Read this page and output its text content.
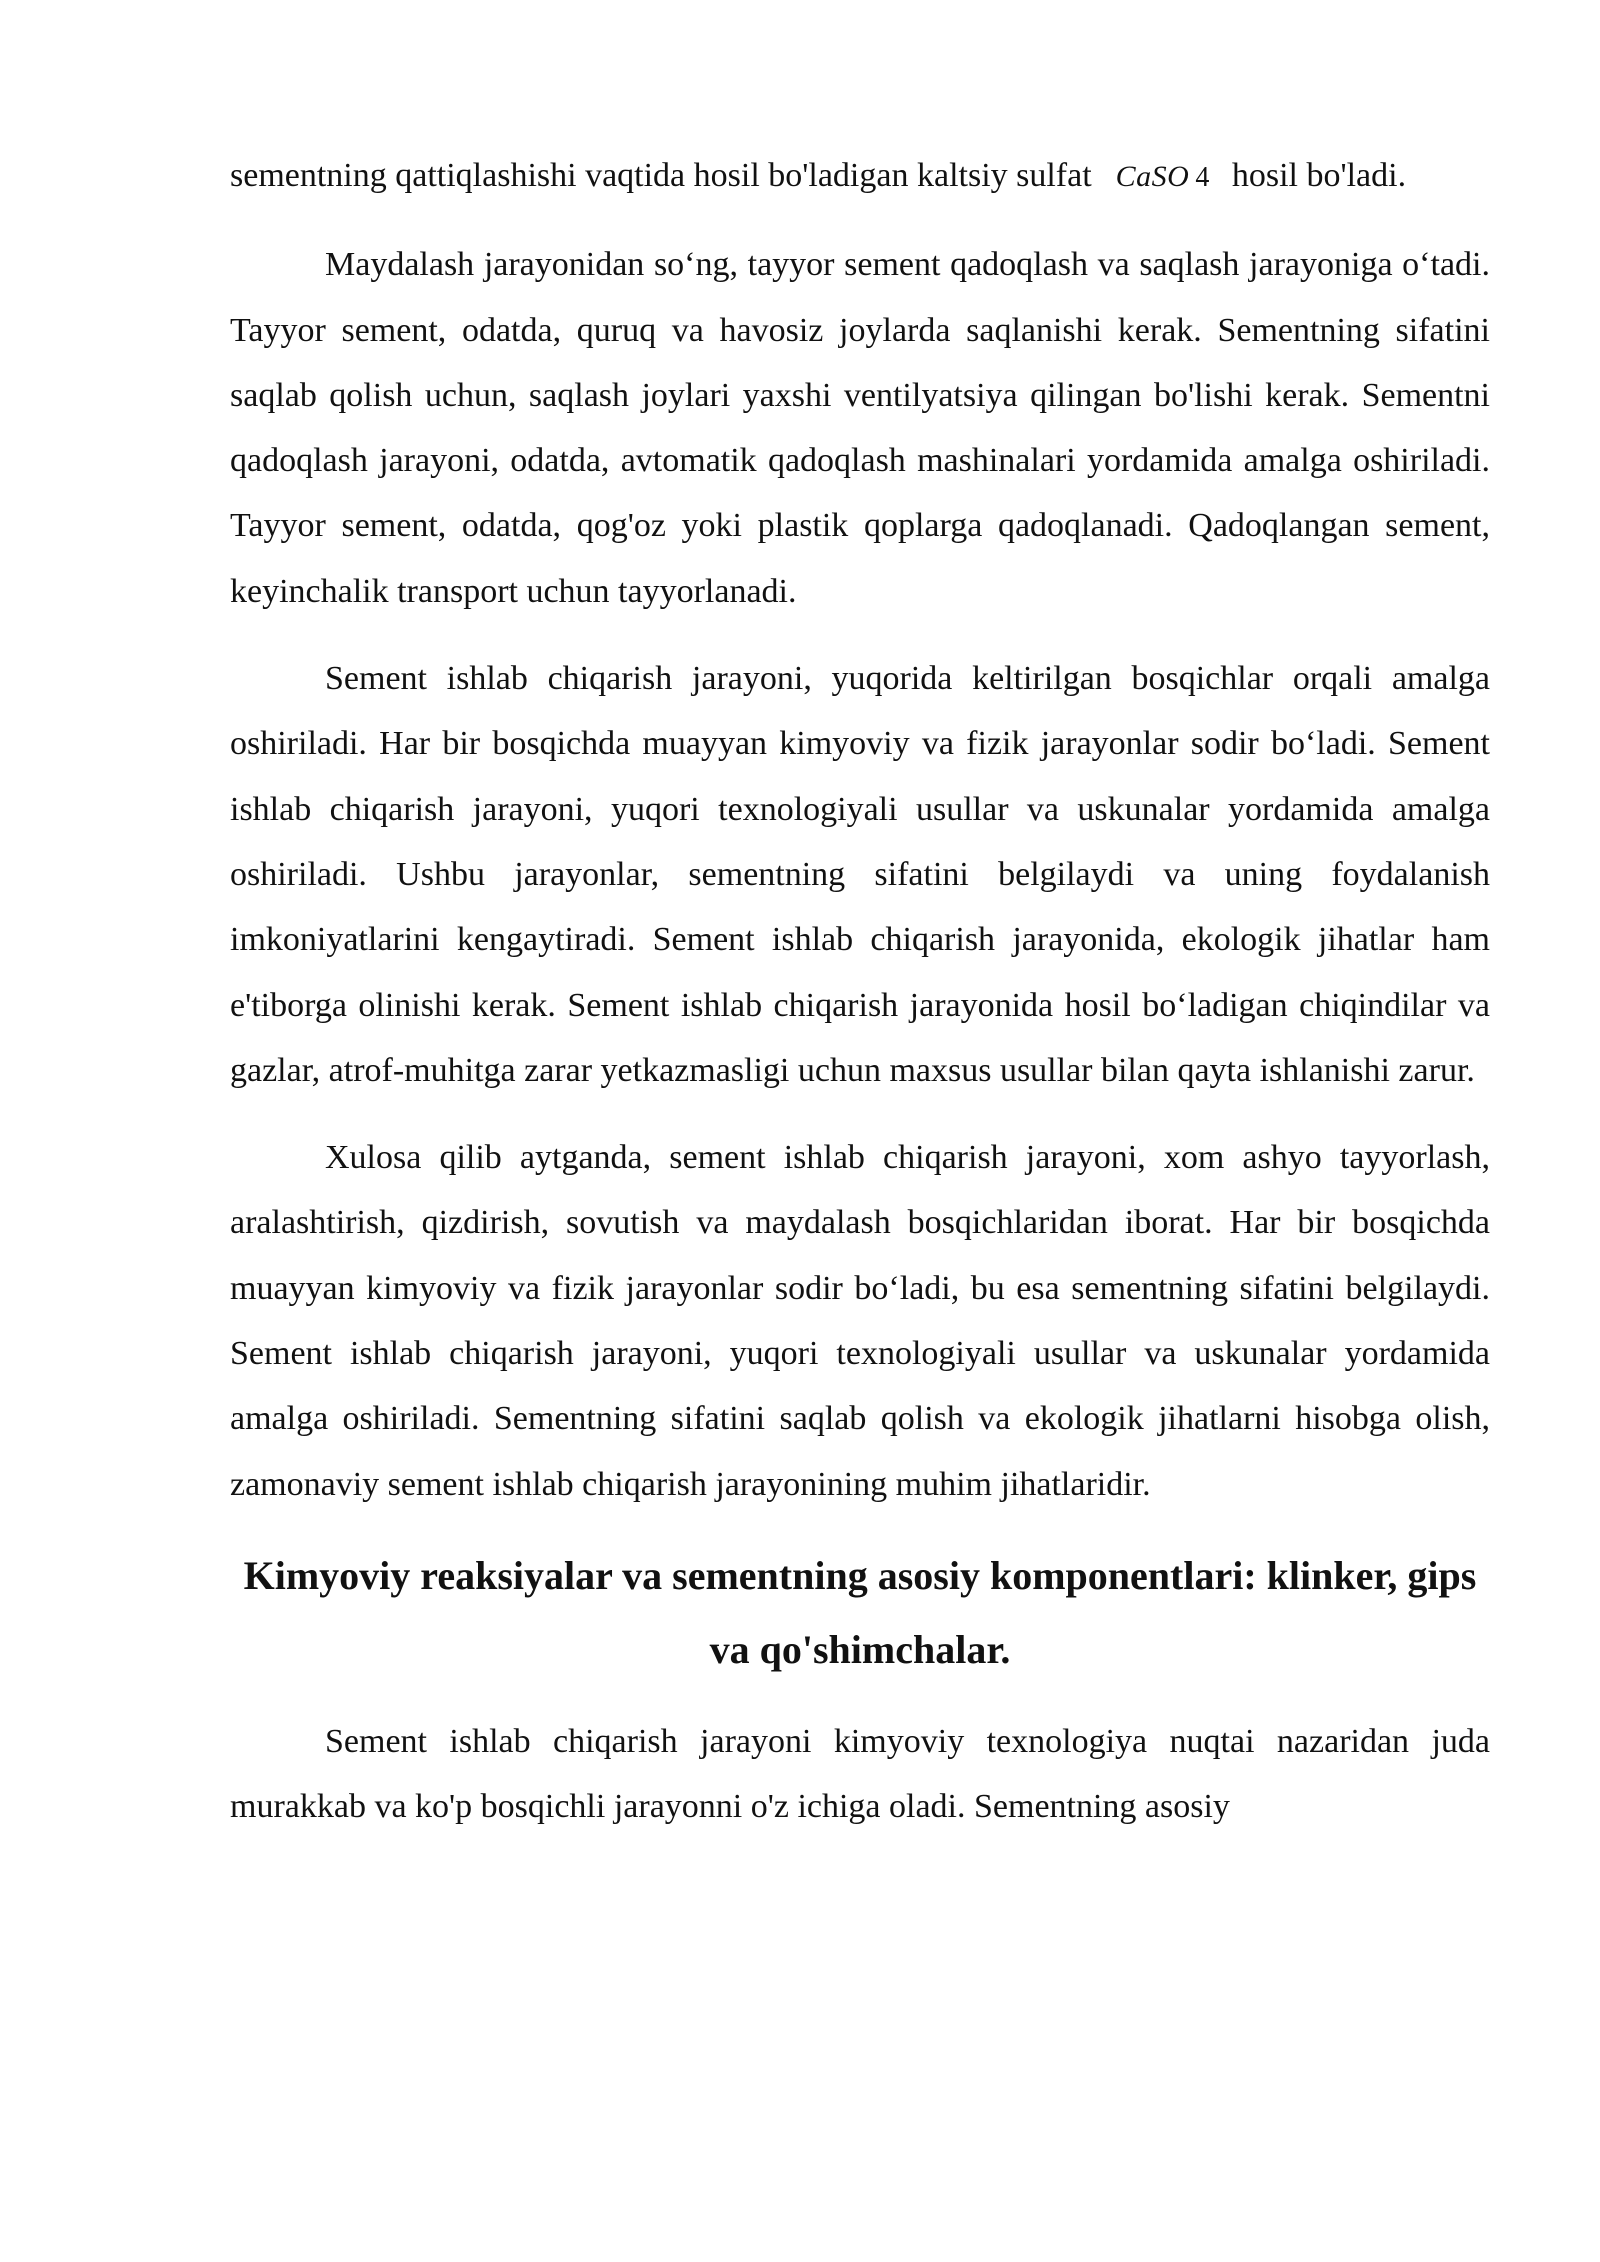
sementning qattiqlashishi vaqtida hosil bo'ladigan kaltsiy sulfat CaSO 4 hosil bo'ladi.

Maydalash jarayonidan so‘ng, tayyor sement qadoqlash va saqlash jarayoniga o‘tadi. Tayyor sement, odatda, quruq va havosiz joylarda saqlanishi kerak. Sementning sifatini saqlab qolish uchun, saqlash joylari yaxshi ventilyatsiya qilingan bo'lishi kerak. Sementni qadoqlash jarayoni, odatda, avtomatik qadoqlash mashinalari yordamida amalga oshiriladi. Tayyor sement, odatda, qog'oz yoki plastik qoplarga qadoqlanadi. Qadoqlangan sement, keyinchalik transport uchun tayyorlanadi.

Sement ishlab chiqarish jarayoni, yuqorida keltirilgan bosqichlar orqali amalga oshiriladi. Har bir bosqichda muayyan kimyoviy va fizik jarayonlar sodir bo‘ladi. Sement ishlab chiqarish jarayoni, yuqori texnologiyali usullar va uskunalar yordamida amalga oshiriladi. Ushbu jarayonlar, sementning sifatini belgilaydi va uning foydalanish imkoniyatlarini kengaytiradi. Sement ishlab chiqarish jarayonida, ekologik jihatlar ham e'tiborga olinishi kerak. Sement ishlab chiqarish jarayonida hosil bo‘ladigan chiqindilar va gazlar, atrof-muhitga zarar yetkazmasligi uchun maxsus usullar bilan qayta ishlanishi zarur.

Xulosa qilib aytganda, sement ishlab chiqarish jarayoni, xom ashyo tayyorlash, aralashtirish, qizdirish, sovutish va maydalash bosqichlaridan iborat. Har bir bosqichda muayyan kimyoviy va fizik jarayonlar sodir bo‘ladi, bu esa sementning sifatini belgilaydi. Sement ishlab chiqarish jarayoni, yuqori texnologiyali usullar va uskunalar yordamida amalga oshiriladi. Sementning sifatini saqlab qolish va ekologik jihatlarni hisobga olish, zamonaviy sement ishlab chiqarish jarayonining muhim jihatlaridir.

Kimyoviy reaksiyalar va sementning asosiy komponentlari: klinker, gips va qo'shimchalar.

Sement ishlab chiqarish jarayoni kimyoviy texnologiya nuqtai nazaridan juda murakkab va ko'p bosqichli jarayonni o'z ichiga oladi. Sementning asosiy
